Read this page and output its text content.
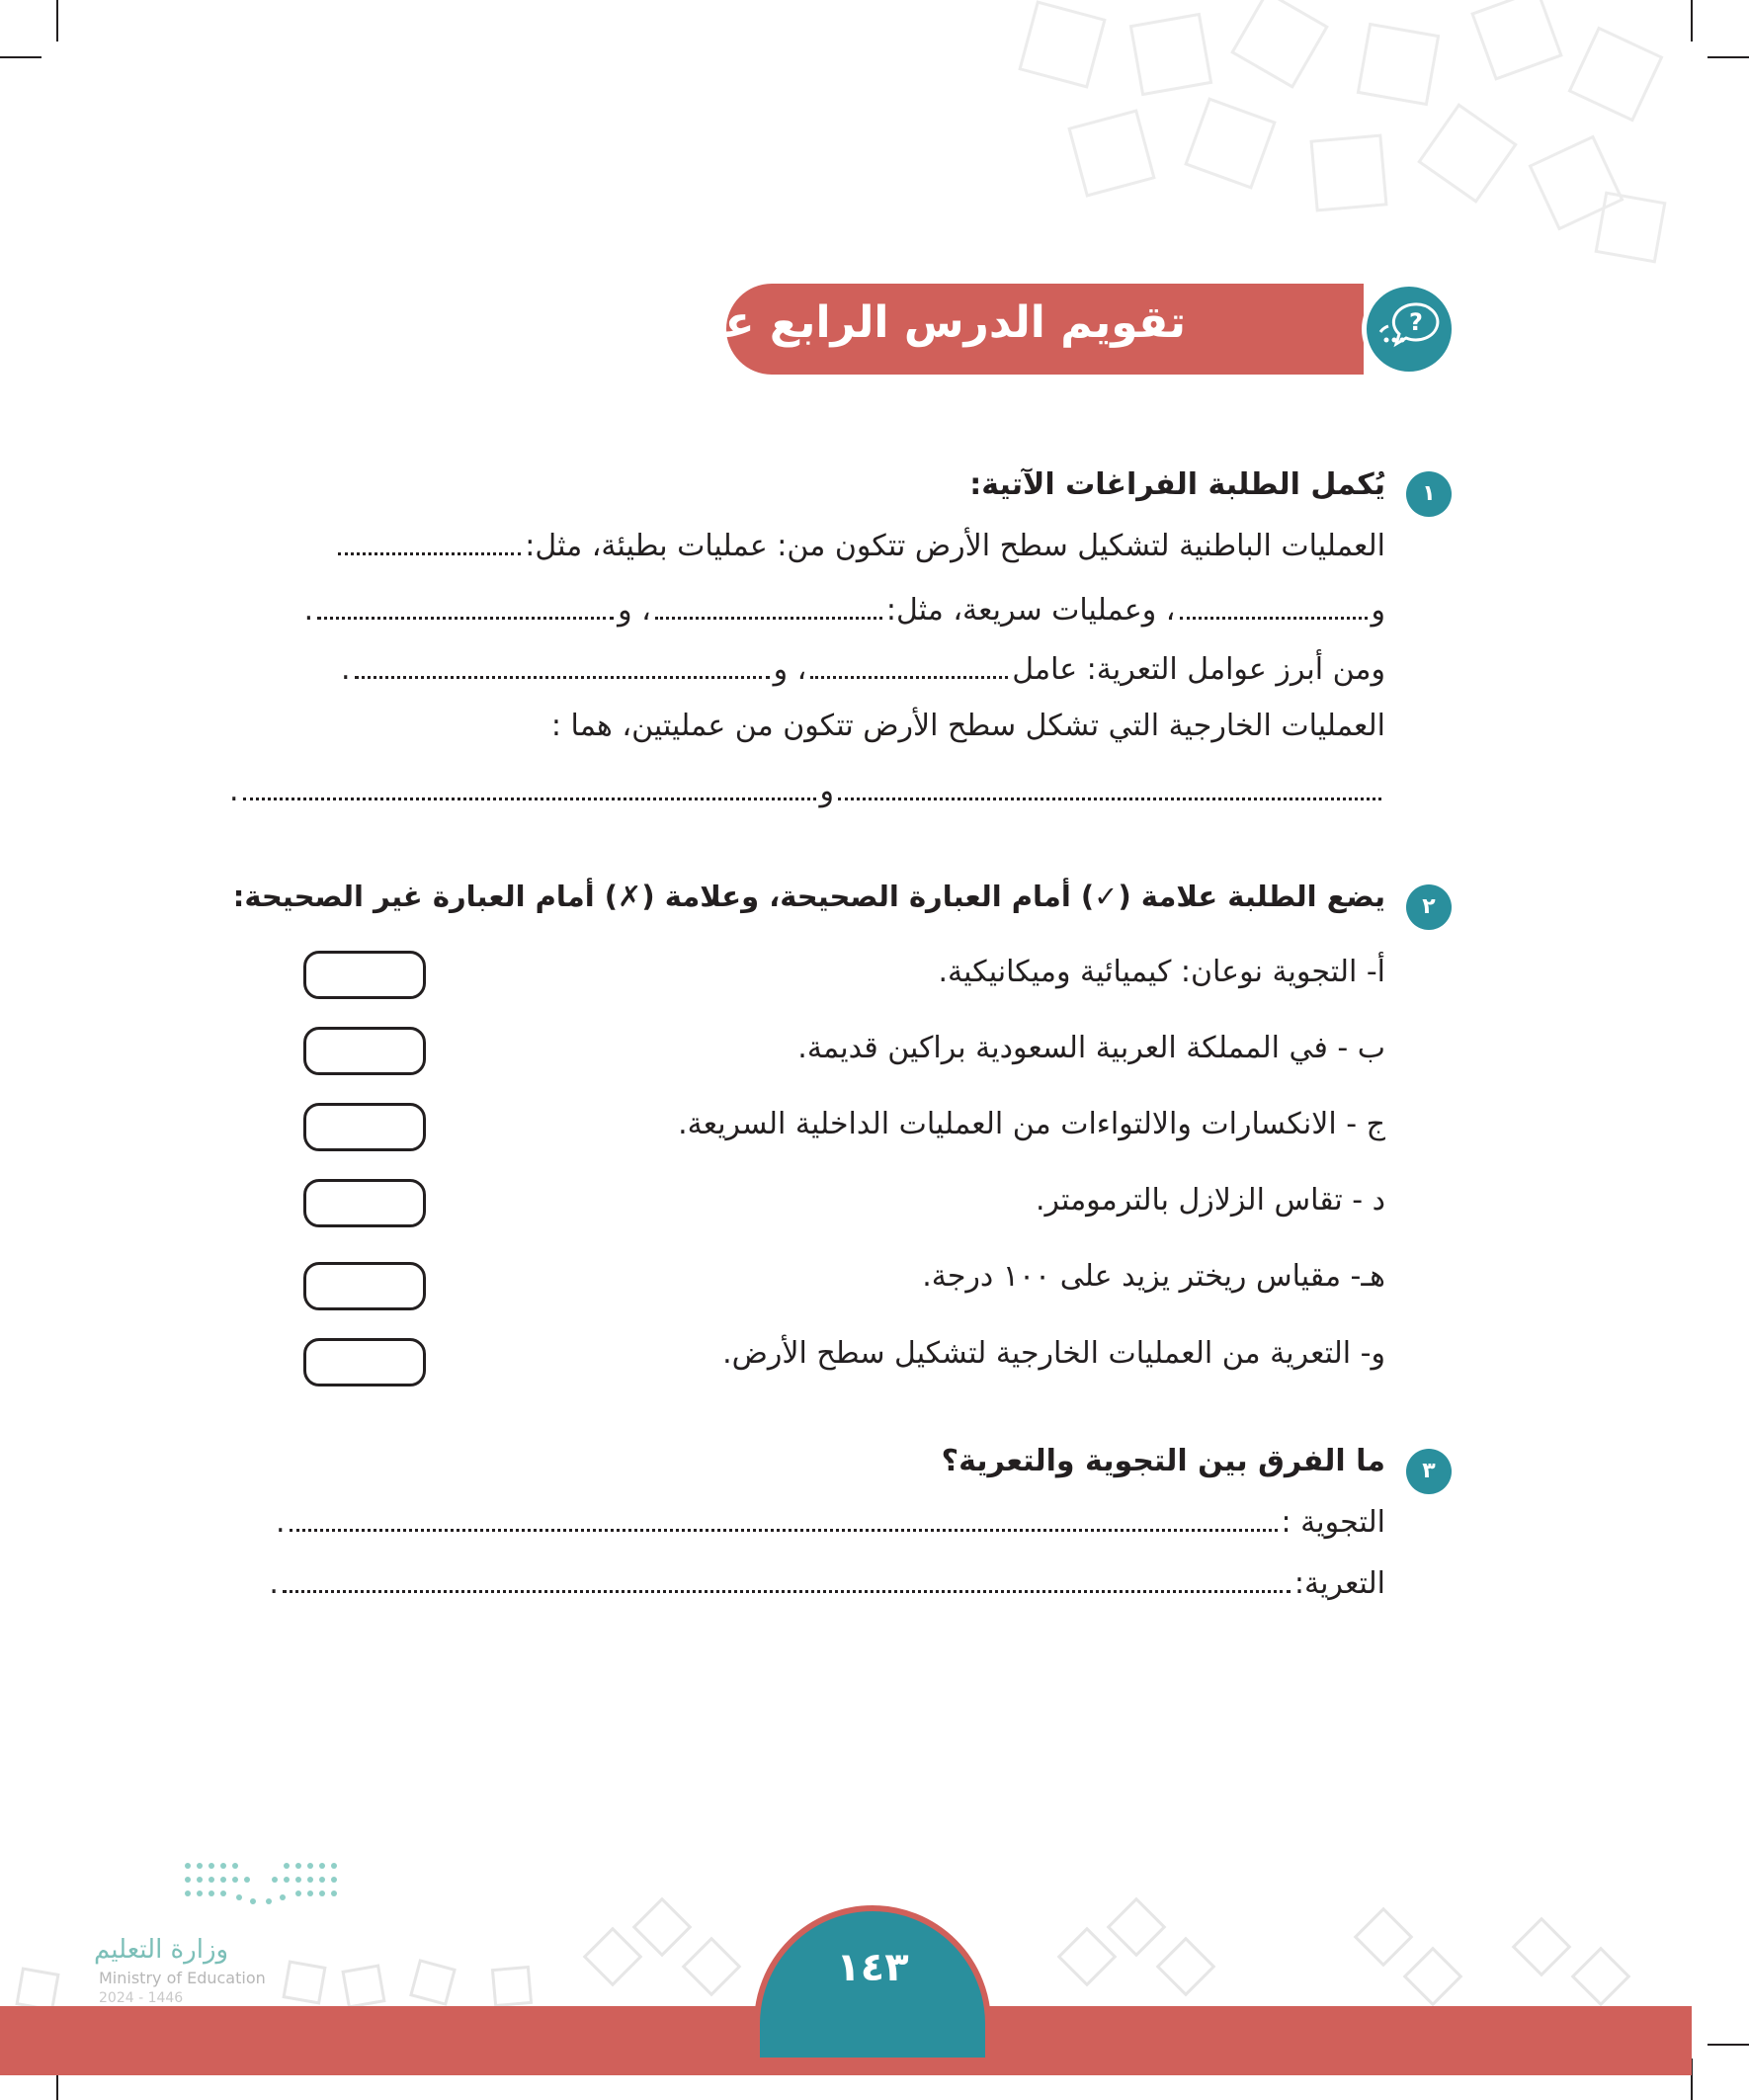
تقويم الدرس الرابع عشر	?
١
يُكمل الطلبة الفراغات الآتية:
العمليات الباطنية لتشكيل سطح الأرض تتكون من: عمليات بطيئة، مثل:
و، وعمليات سريعة، مثل:، و.
ومن أبرز عوامل التعرية: عامل، و.
العمليات الخارجية التي تشكل سطح الأرض تتكون من عمليتين، هما :
و.
٢
يضع الطلبة علامة (✓) أمام العبارة الصحيحة، وعلامة (✗) أمام العبارة غير الصحيحة:
أ- التجوية نوعان: كيميائية وميكانيكية.
ب - في المملكة العربية السعودية براكين قديمة.
ج - الانكسارات والالتواءات من العمليات الداخلية السريعة.
د - تقاس الزلازل بالترمومتر.
هـ- مقياس ريختر يزيد على ١٠٠ درجة.
و- التعرية من العمليات الخارجية لتشكيل سطح الأرض.
٣
ما الفرق بين التجوية والتعرية؟
التجوية :.
التعرية:.
١٤٣
وزارة التعليم
Ministry of Education
2024 - 1446
